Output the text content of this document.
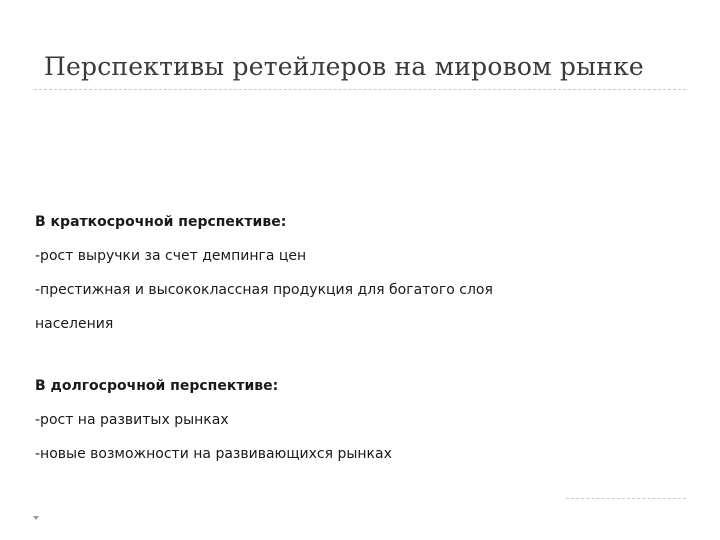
Перспективы ретейлеров на мировом рынке
В краткосрочной перспективе:
-рост выручки за счет демпинга цен
-престижная и высококлассная продукция для богатого слоя
населения
В долгосрочной перспективе:
-рост на развитых рынках
-новые возможности на развивающихся рынках
